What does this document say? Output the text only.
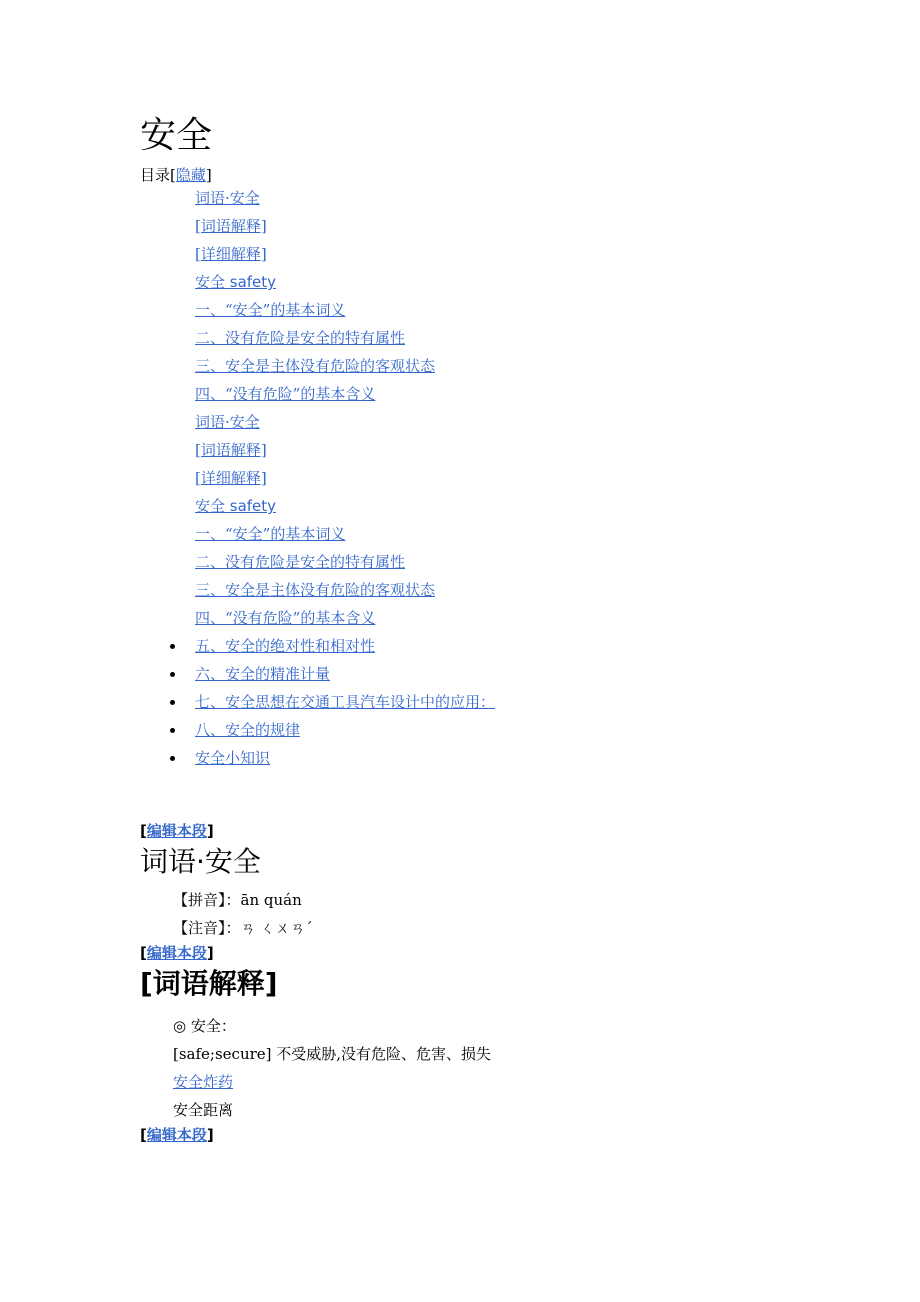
安全
目录[隐藏]
词语·安全
[词语解释]
[详细解释]
安全 safety
一、“安全”的基本词义
二、没有危险是安全的特有属性
三、安全是主体没有危险的客观状态
四、“没有危险”的基本含义
词语·安全
[词语解释]
[详细解释]
安全 safety
一、“安全”的基本词义
二、没有危险是安全的特有属性
三、安全是主体没有危险的客观状态
四、“没有危险”的基本含义
五、安全的绝对性和相对性
六、安全的精准计量
七、安全思想在交通工具汽车设计中的应用：
八、安全的规律
安全小知识
[编辑本段]
词语·安全
【拼音】：ān quán
【注音】：ㄢ ㄑㄨㄢˊ
[编辑本段]
[词语解释]
◎ 安全：
[safe;secure] 不受威胁,没有危险、危害、损失
安全炸药
安全距离
[编辑本段]
